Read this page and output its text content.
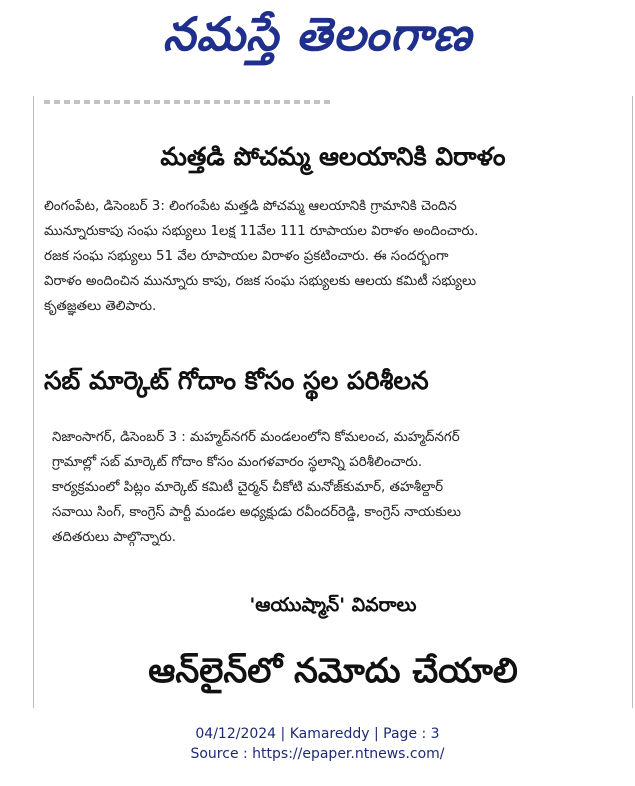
నమస్తే తెలంగాణ
మత్తడి పోచమ్మ ఆలయానికి విరాళం
లింగంపేట, డిసెంబర్ 3: లింగంపేట మత్తడి పోచమ్మ ఆలయానికి గ్రామానికి చెందిన
మున్నూరుకాపు సంఘ సభ్యులు 1లక్ష 11వేల 111 రూపాయల విరాళం అందించారు.
రజక సంఘ సభ్యులు 51 వేల రూపాయల విరాళం ప్రకటించారు. ఈ సందర్భంగా
విరాళం అందించిన మున్నూరు కాపు, రజక సంఘ సభ్యులకు ఆలయ కమిటీ సభ్యులు
కృతజ్ఞతలు తెలిపారు.
సబ్ మార్కెట్ గోదాం కోసం స్థల పరిశీలన
నిజాంసాగర్, డిసెంబర్ 3 : మహ్మద్‌నగర్ మండలంలోని కోమలంచ, మహ్మద్‌నగర్
గ్రామాల్లో సబ్ మార్కెట్ గోదాం కోసం మంగళవారం స్థలాన్ని పరిశీలించారు.
కార్యక్రమంలో పిట్లం మార్కెట్ కమిటీ చైర్మన్ చీకోటి మనోజ్‌కుమార్, తహశీల్దార్
సవాయి సింగ్, కాంగ్రెస్ పార్టీ మండల అధ్యక్షుడు రవీందర్‌రెడ్డి, కాంగ్రెస్ నాయకులు
తదితరులు పాల్గొన్నారు.
'ఆయుష్మాన్' వివరాలు
ఆన్‌లైన్‌లో నమోదు చేయాలి
04/12/2024 | Kamareddy | Page : 3
Source : https://epaper.ntnews.com/
